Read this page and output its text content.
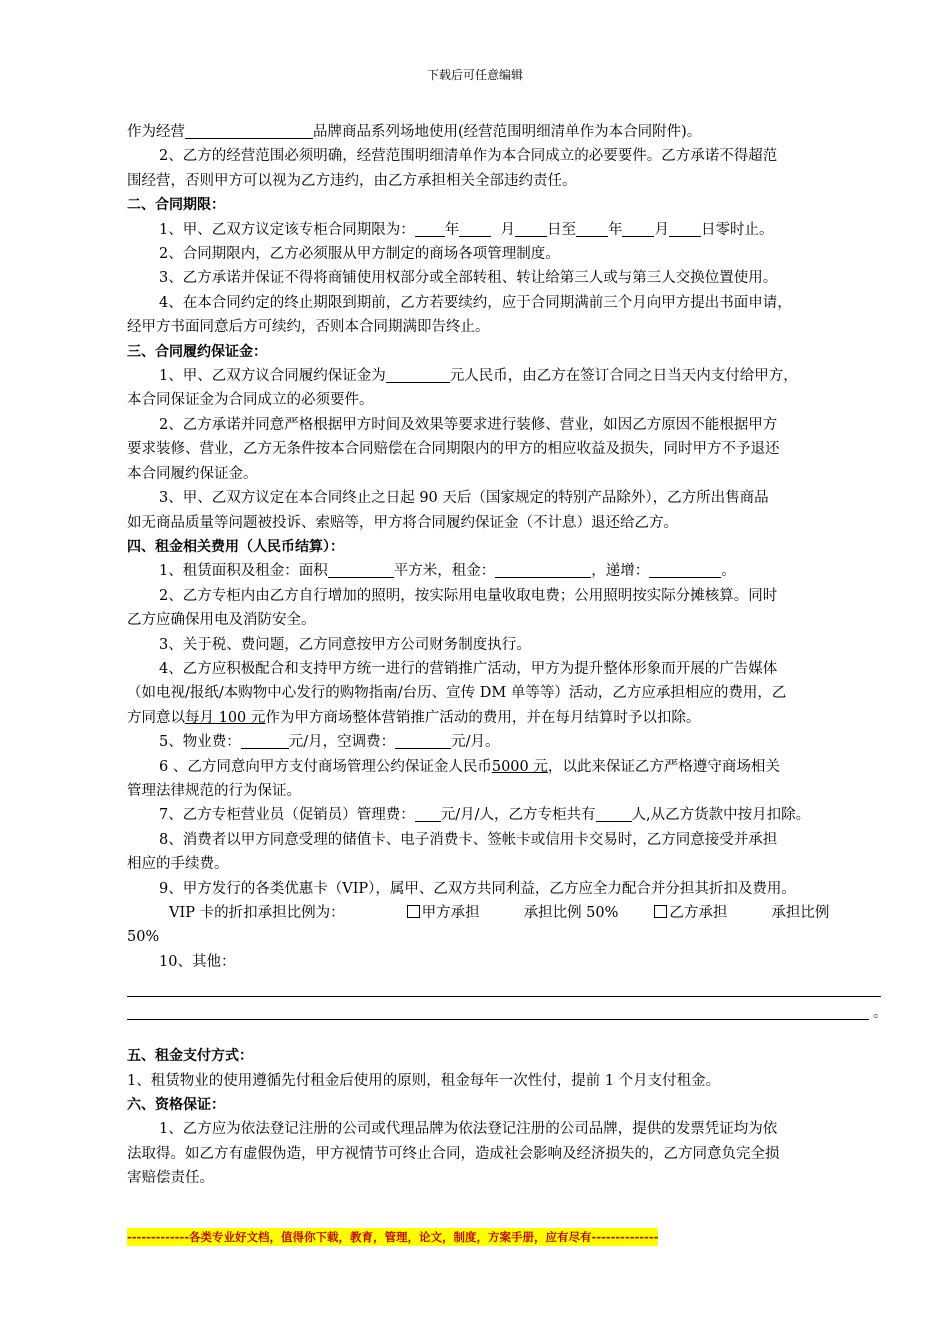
下载后可任意编辑
作为经营	品牌商品系列场地使用(经营范围明细清单作为本合同附件)。
2、乙方的经营范围必须明确，经营范围明细清单作为本合同成立的必要要件。乙方承诺不得超范
围经营，否则甲方可以视为乙方违约，由乙方承担相关全部违约责任。
二、合同期限：
1、甲、乙双方议定该专柜合同期限为： 年	月 日至 年 月 日零时止。
2、合同期限内，乙方必须服从甲方制定的商场各项管理制度。
3、乙方承诺并保证不得将商铺使用权部分或全部转租、转让给第三人或与第三人交换位置使用。
4、在本合同约定的终止期限到期前，乙方若要续约，应于合同期满前三个月向甲方提出书面申请，
经甲方书面同意后方可续约，否则本合同期满即告终止。
三、合同履约保证金：
1、甲、乙双方议合同履约保证金为	元人民币，由乙方在签订合同之日当天内支付给甲方，
本合同保证金为合同成立的必须要件。
2、乙方承诺并同意严格根据甲方时间及效果等要求进行装修、营业，如因乙方原因不能根据甲方
要求装修、营业，乙方无条件按本合同赔偿在合同期限内的甲方的相应收益及损失，同时甲方不予退还
本合同履约保证金。
3、甲、乙双方议定在本合同终止之日起 90 天后（国家规定的特别产品除外），乙方所出售商品
如无商品质量等问题被投诉、索赔等，甲方将合同履约保证金（不计息）退还给乙方。
四、租金相关费用（人民币结算）：
1、租赁面积及租金：面积	平方米，租金：	，递增：	。
2、乙方专柜内由乙方自行增加的照明，按实际用电量收取电费；公用照明按实际分摊核算。同时
乙方应确保用电及消防安全。
3、关于税、费问题，乙方同意按甲方公司财务制度执行。
4、乙方应积极配合和支持甲方统一进行的营销推广活动，甲方为提升整体形象而开展的广告媒体
（如电视/报纸/本购物中心发行的购物指南/台历、宣传 DM 单等等）活动，乙方应承担相应的费用，乙
方同意以每月 100 元作为甲方商场整体营销推广活动的费用，并在每月结算时予以扣除。
5、物业费：	元/月，空调费：	元/月。
6 、乙方同意向甲方支付商场管理公约保证金人民币5000 元，以此来保证乙方严格遵守商场相关
管理法律规范的行为保证。
7、乙方专柜营业员（促销员）管理费： 元/月/人，乙方专柜共有 人,从乙方货款中按月扣除。
8、消费者以甲方同意受理的储值卡、电子消费卡、签帐卡或信用卡交易时，乙方同意接受并承担
相应的手续费。
9、甲方发行的各类优惠卡（VIP），属甲、乙双方共同利益，乙方应全力配合并分担其折扣及费用。
VIP 卡的折扣承担比例为：	甲方承担	承担比例 50%	乙方承担	承担比例
50%
10、其他：
。
五、租金支付方式：
1、租赁物业的使用遵循先付租金后使用的原则，租金每年一次性付，提前 1 个月支付租金。
六、资格保证：
1、乙方应为依法登记注册的公司或代理品牌为依法登记注册的公司品牌，提供的发票凭证均为依
法取得。如乙方有虚假伪造，甲方视情节可终止合同，造成社会影响及经济损失的，乙方同意负完全损
害赔偿责任。
-------------各类专业好文档，值得你下载，教育，管理，论文，制度，方案手册，应有尽有--------------
